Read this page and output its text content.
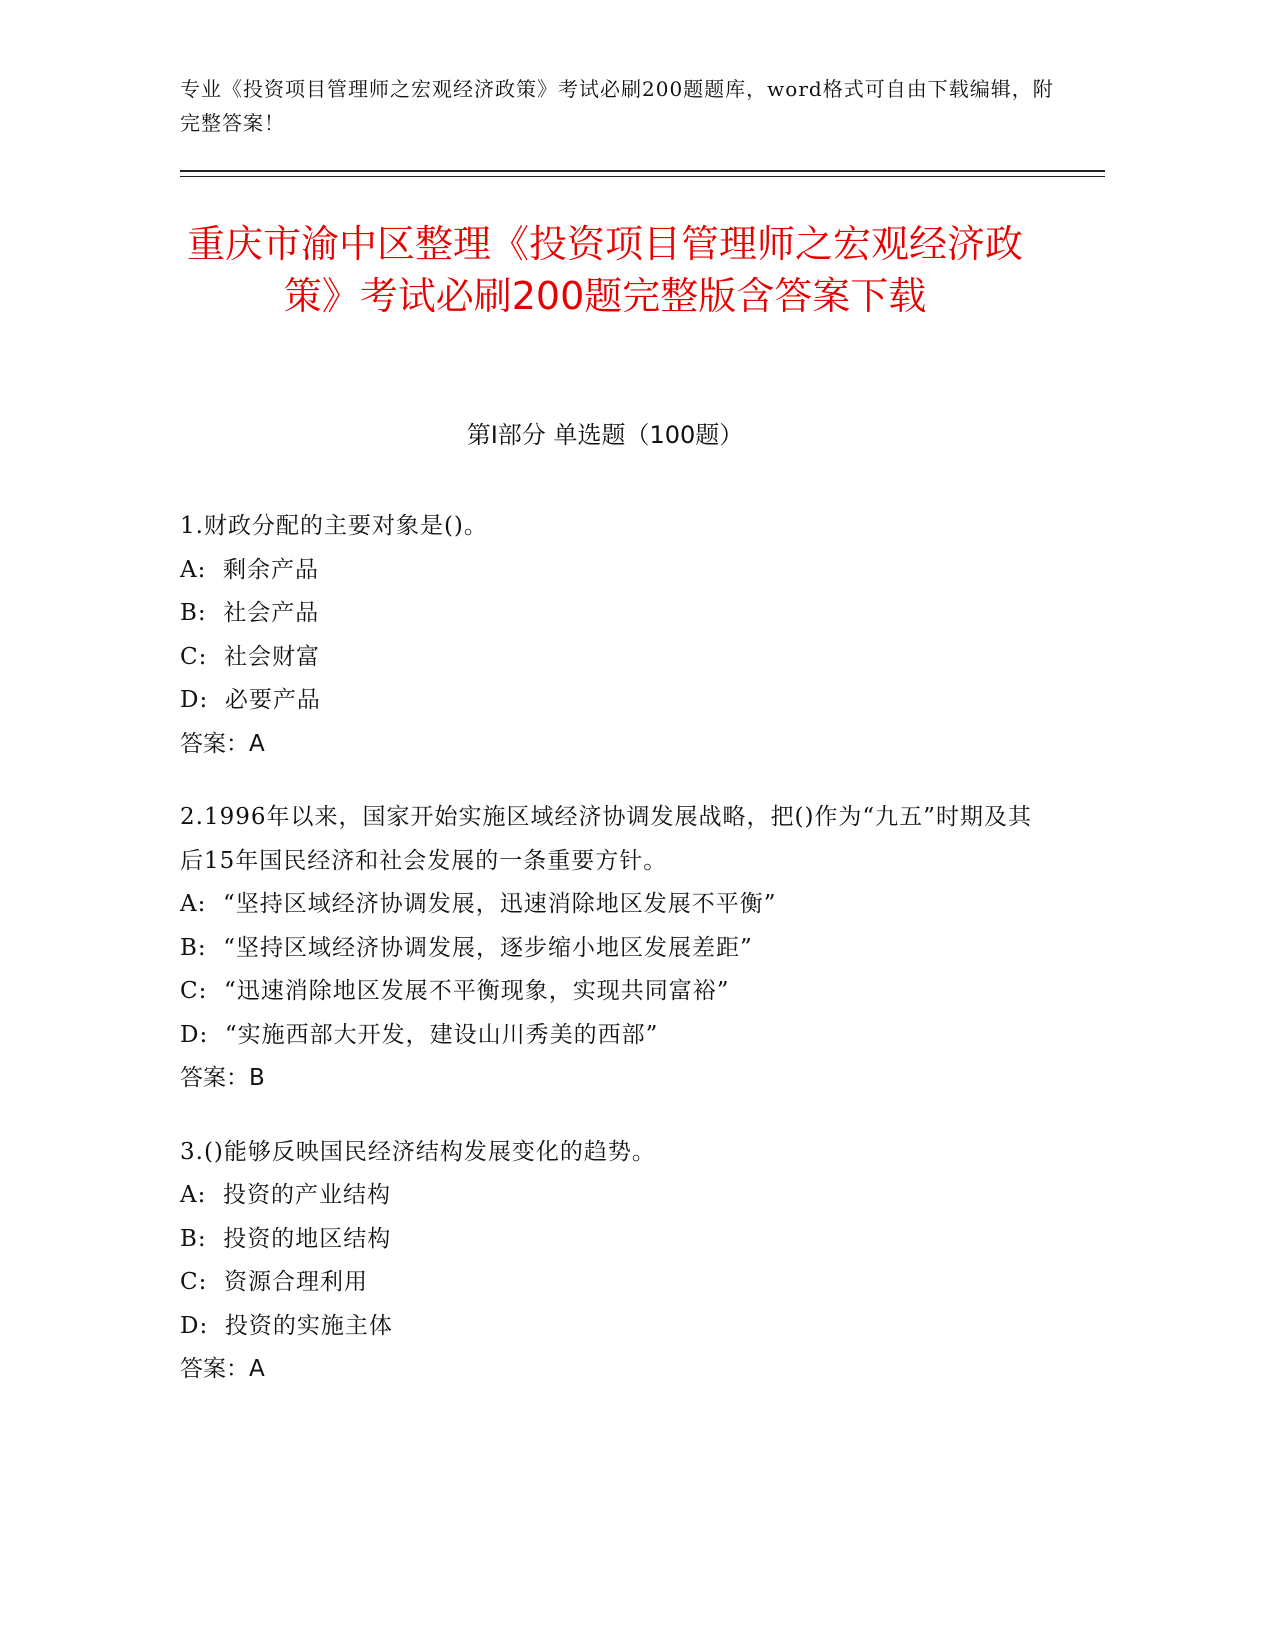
专业《投资项目管理师之宏观经济政策》考试必刷200题题库，word格式可自由下载编辑，附完整答案！
重庆市渝中区整理《投资项目管理师之宏观经济政策》考试必刷200题完整版含答案下载
第I部分 单选题（100题）
1.财政分配的主要对象是()。
A: 剩余产品
B: 社会产品
C: 社会财富
D: 必要产品
答案：A
2.1996年以来，国家开始实施区域经济协调发展战略，把()作为“九五”时期及其后15年国民经济和社会发展的一条重要方针。
A: “坚持区域经济协调发展，迅速消除地区发展不平衡”
B: “坚持区域经济协调发展，逐步缩小地区发展差距”
C: “迅速消除地区发展不平衡现象，实现共同富裕”
D: “实施西部大开发，建设山川秀美的西部”
答案：B
3.()能够反映国民经济结构发展变化的趋势。
A: 投资的产业结构
B: 投资的地区结构
C: 资源合理利用
D: 投资的实施主体
答案：A
